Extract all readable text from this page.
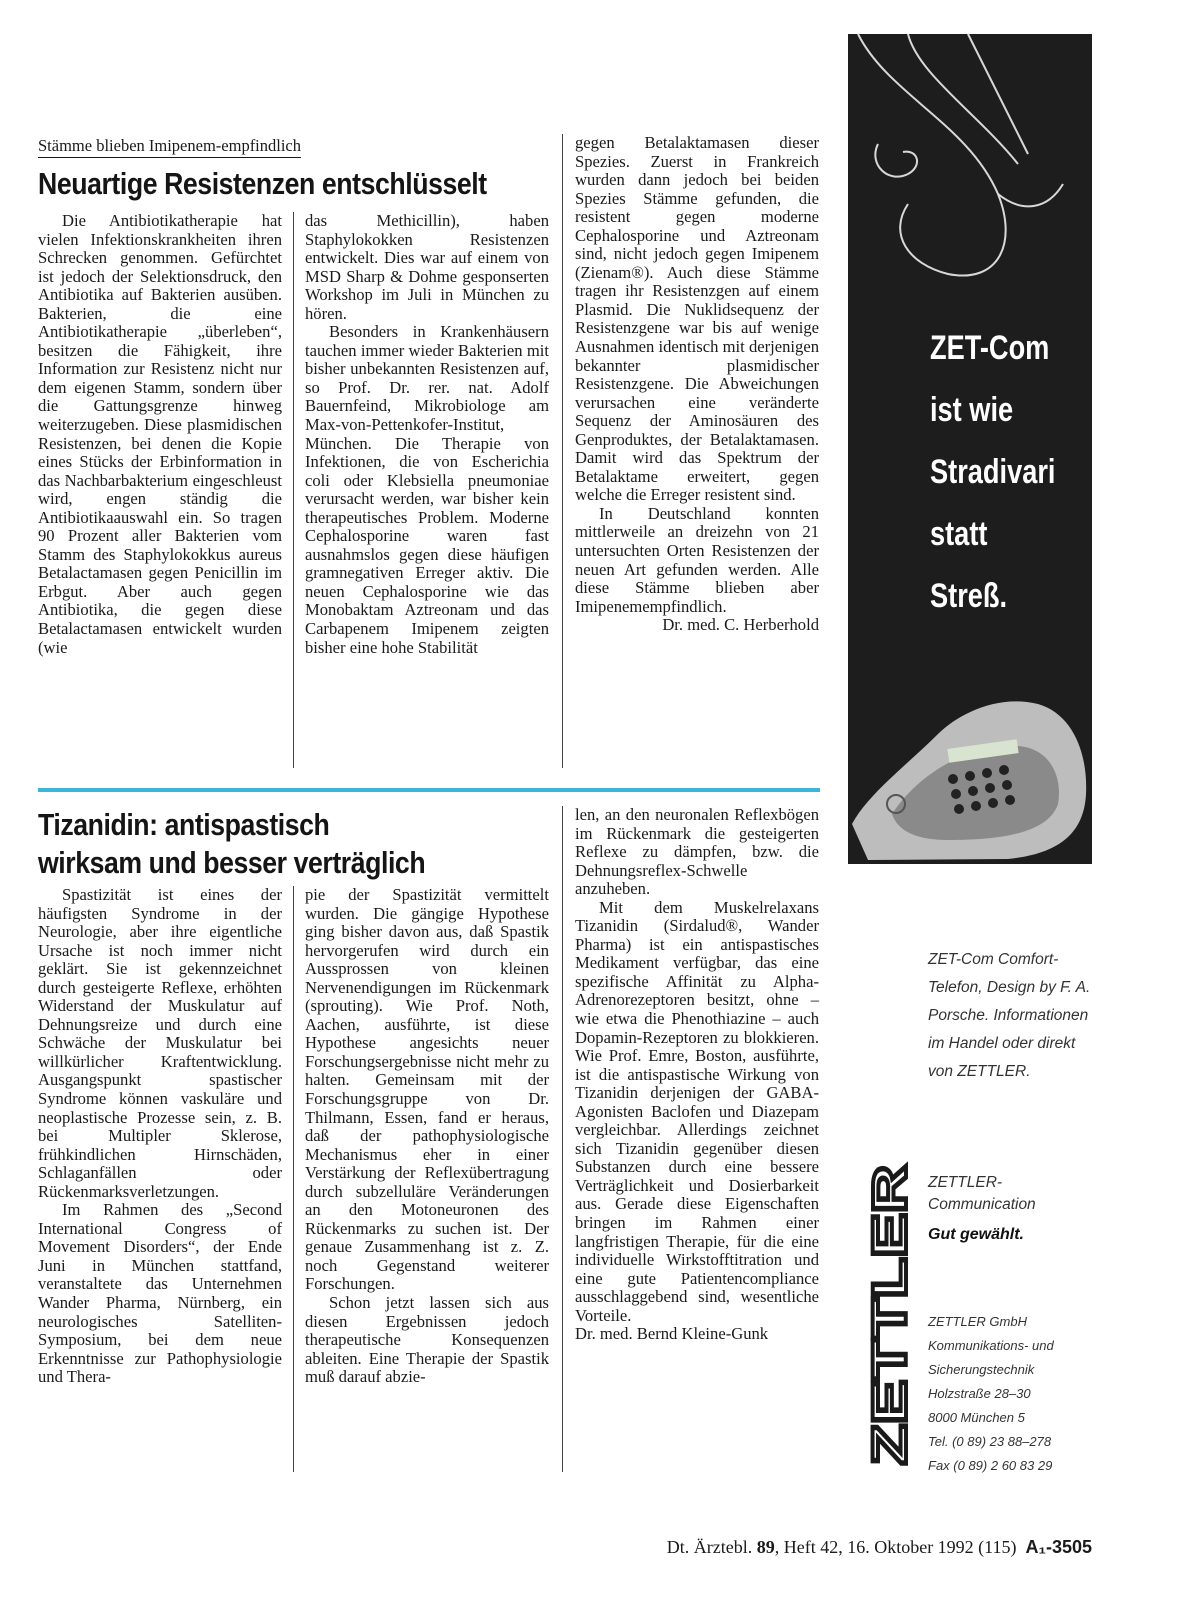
Stämme blieben Imipenem-empfindlich
Neuartige Resistenzen entschlüsselt

Die Antibiotikatherapie hat vielen Infektionskrankheiten ihren Schrecken genommen. Gefürchtet ist jedoch der Selektionsdruck, den Antibiotika auf Bakterien ausüben. Bakterien, die eine Antibiotikatherapie „überleben“, besitzen die Fähigkeit, ihre Information zur Resistenz nicht nur dem eigenen Stamm, sondern über die Gattungsgrenze hinweg weiterzugeben. Diese plasmidischen Resistenzen, bei denen die Kopie eines Stücks der Erbinformation in das Nachbarbakterium eingeschleust wird, engen ständig die Antibiotikaauswahl ein. So tragen 90 Prozent aller Bakterien vom Stamm des Staphylokokkus aureus Betalactamasen gegen Penicillin im Erbgut. Aber auch gegen Antibiotika, die gegen diese Betalactamasen entwickelt wurden (wie

das Methicillin), haben Staphylokokken Resistenzen entwickelt. Dies war auf einem von MSD Sharp & Dohme gesponserten Workshop im Juli in München zu hören.

Besonders in Krankenhäusern tauchen immer wieder Bakterien mit bisher unbekannten Resistenzen auf, so Prof. Dr. rer. nat. Adolf Bauernfeind, Mikrobiologe am Max-von-Pettenkofer-Institut, München. Die Therapie von Infektionen, die von Escherichia coli oder Klebsiella pneumoniae verursacht werden, war bisher kein therapeutisches Problem. Moderne Cephalosporine waren fast ausnahmslos gegen diese häufigen gramnegativen Erreger aktiv. Die neuen Cephalosporine wie das Monobaktam Aztreonam und das Carbapenem Imipenem zeigten bisher eine hohe Stabilität

gegen Betalaktamasen dieser Spezies. Zuerst in Frankreich wurden dann jedoch bei beiden Spezies Stämme gefunden, die resistent gegen moderne Cephalosporine und Aztreonam sind, nicht jedoch gegen Imipenem (Zienam®). Auch diese Stämme tragen ihr Resistenzgen auf einem Plasmid. Die Nuklidsequenz der Resistenzgene war bis auf wenige Ausnahmen identisch mit derjenigen bekannter plasmidischer Resistenzgene. Die Abweichungen verursachen eine veränderte Sequenz der Aminosäuren des Genproduktes, der Betalaktamasen. Damit wird das Spektrum der Betalaktame erweitert, gegen welche die Erreger resistent sind.

In Deutschland konnten mittlerweile an dreizehn von 21 untersuchten Orten Resistenzen der neuen Art gefunden werden. Alle diese Stämme blieben aber Imipenemempfindlich.

Dr. med. C. Herberhold

Tizanidin: antispastisch
wirksam und besser verträglich

Spastizität ist eines der häufigsten Syndrome in der Neurologie, aber ihre eigentliche Ursache ist noch immer nicht geklärt. Sie ist gekennzeichnet durch gesteigerte Reflexe, erhöhten Widerstand der Muskulatur auf Dehnungsreize und durch eine Schwäche der Muskulatur bei willkürlicher Kraftentwicklung. Ausgangspunkt spastischer Syndrome können vaskuläre und neoplastische Prozesse sein, z. B. bei Multipler Sklerose, frühkindlichen Hirnschäden, Schlaganfällen oder Rückenmarksverletzungen.

Im Rahmen des „Second International Congress of Movement Disorders“, der Ende Juni in München stattfand, veranstaltete das Unternehmen Wander Pharma, Nürnberg, ein neurologisches Satelliten-Symposium, bei dem neue Erkenntnisse zur Pathophysiologie und Thera-

pie der Spastizität vermittelt wurden. Die gängige Hypothese ging bisher davon aus, daß Spastik hervorgerufen wird durch ein Aussprossen von kleinen Nervenendigungen im Rückenmark (sprouting). Wie Prof. Noth, Aachen, ausführte, ist diese Hypothese angesichts neuer Forschungsergebnisse nicht mehr zu halten. Gemeinsam mit der Forschungsgruppe von Dr. Thilmann, Essen, fand er heraus, daß der pathophysiologische Mechanismus eher in einer Verstärkung der Reflexübertragung durch subzelluläre Veränderungen an den Motoneuronen des Rückenmarks zu suchen ist. Der genaue Zusammenhang ist z. Z. noch Gegenstand weiterer Forschungen.

Schon jetzt lassen sich aus diesen Ergebnissen jedoch therapeutische Konsequenzen ableiten. Eine Therapie der Spastik muß darauf abzie-

len, an den neuronalen Reflexbögen im Rückenmark die gesteigerten Reflexe zu dämpfen, bzw. die Dehnungsreflex-Schwelle anzuheben.

Mit dem Muskelrelaxans Tizanidin (Sirdalud®, Wander Pharma) ist ein antispastisches Medikament verfügbar, das eine spezifische Affinität zu Alpha-Adrenorezeptoren besitzt, ohne – wie etwa die Phenothiazine – auch Dopamin-Rezeptoren zu blokkieren. Wie Prof. Emre, Boston, ausführte, ist die antispastische Wirkung von Tizanidin derjenigen der GABA-Agonisten Baclofen und Diazepam vergleichbar. Allerdings zeichnet sich Tizanidin gegenüber diesen Substanzen durch eine bessere Verträglichkeit und Dosierbarkeit aus. Gerade diese Eigenschaften bringen im Rahmen einer langfristigen Therapie, für die eine individuelle Wirkstofftitration und eine gute Patientencompliance ausschlaggebend sind, wesentliche Vorteile.

Dr. med. Bernd Kleine-Gunk

ZET-Com
ist wie
Stradivari
statt
Streß.
ZET-Com Comfort-Telefon, Design by F. A. Porsche. Informationen im Handel oder direkt von ZETTLER.
ZETTLER
ZETTLER-Communication
Gut gewählt.
ZETTLER GmbH
Kommunikations- und Sicherungstechnik
Holzstraße 28–30
8000 München 5
Tel. (0 89) 23 88–278
Fax (0 89) 2 60 83 29
Dt. Ärztebl. 89, Heft 42, 16. Oktober 1992 (115) A₁-3505
